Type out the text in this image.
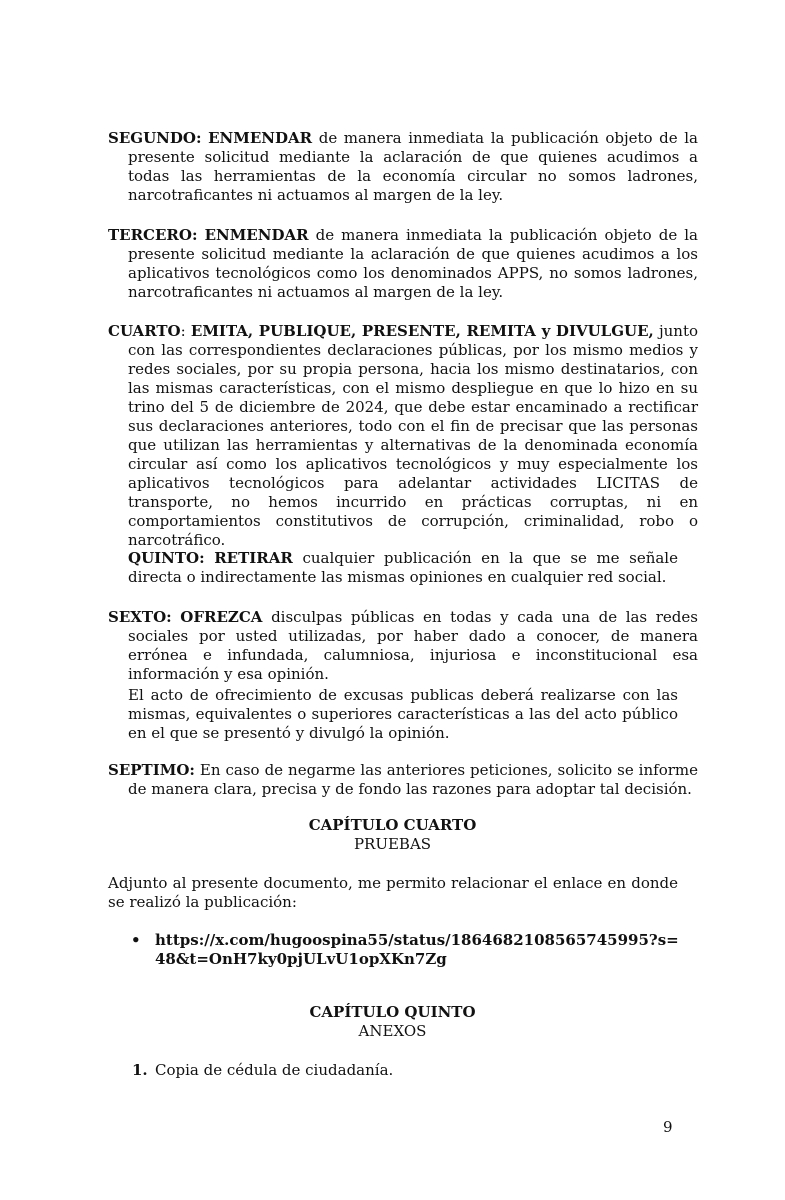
SEGUNDO: ENMENDAR de manera inmediata la publicación objeto de la presente solicitud mediante la aclaración de que quienes acudimos a todas las herramientas de la economía circular no somos ladrones, narcotraficantes ni actuamos al margen de la ley.
TERCERO: ENMENDAR de manera inmediata la publicación objeto de la presente solicitud mediante la aclaración de que quienes acudimos a los aplicativos tecnológicos como los denominados APPS, no somos ladrones, narcotraficantes ni actuamos al margen de la ley.
CUARTO: EMITA, PUBLIQUE, PRESENTE, REMITA y DIVULGUE, junto con las correspondientes declaraciones públicas, por los mismo medios y redes sociales, por su propia persona, hacia los mismo destinatarios, con las mismas características, con el mismo despliegue en que lo hizo en su trino del 5 de diciembre de 2024, que debe estar encaminado a rectificar sus declaraciones anteriores, todo con el fin de precisar que las personas que utilizan las herramientas y alternativas de la denominada economía circular así como los aplicativos tecnológicos y muy especialmente los aplicativos tecnológicos para adelantar actividades LICITAS de transporte, no hemos incurrido en prácticas corruptas, ni en comportamientos constitutivos de corrupción, criminalidad, robo o narcotráfico.
QUINTO: RETIRAR cualquier publicación en la que se me señale directa o indirectamente las mismas opiniones en cualquier red social.
SEXTO: OFREZCA disculpas públicas en todas y cada una de las redes sociales por usted utilizadas, por haber dado a conocer, de manera errónea e infundada, calumniosa, injuriosa e inconstitucional esa información y esa opinión.
El acto de ofrecimiento de excusas publicas deberá realizarse con las mismas, equivalentes o superiores características a las del acto público en el que se presentó y divulgó la opinión.
SEPTIMO: En caso de negarme las anteriores peticiones, solicito se informe de manera clara, precisa y de fondo las razones para adoptar tal decisión.
CAPÍTULO CUARTO
PRUEBAS
Adjunto al presente documento, me permito relacionar el enlace en donde se realizó la publicación:
• https://x.com/hugoospina55/status/1864682108565745995?s=48&t=OnH7ky0pjULvU1opXKn7Zg
CAPÍTULO QUINTO
ANEXOS
1. Copia de cédula de ciudadanía.
9
